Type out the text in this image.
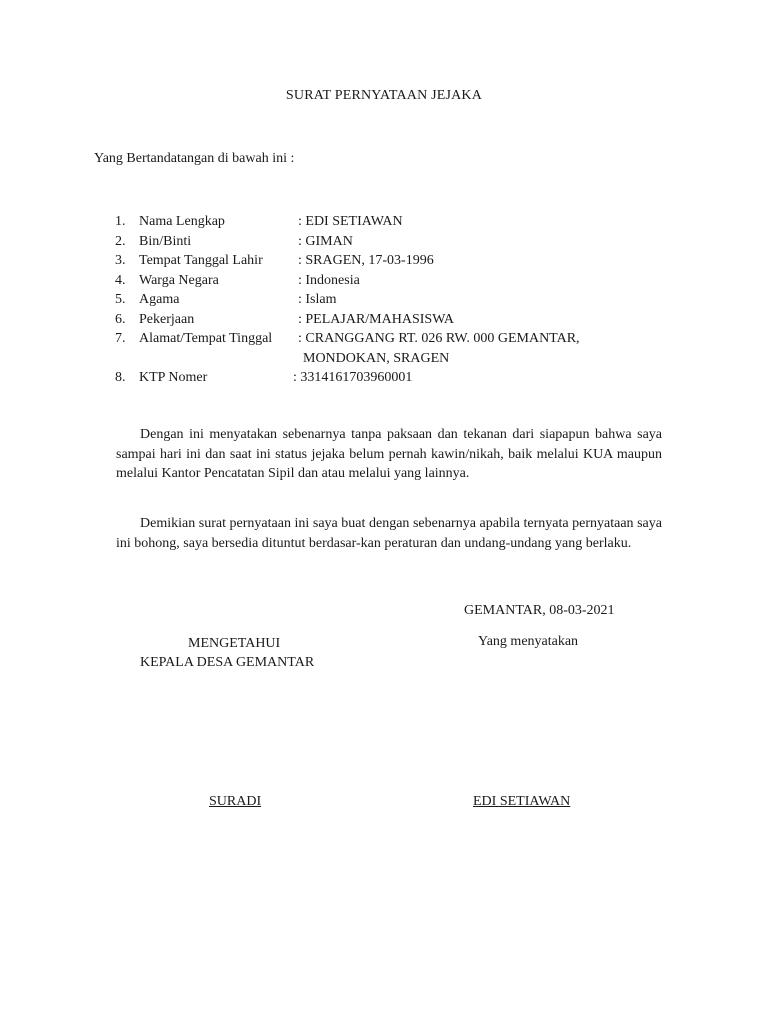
SURAT PERNYATAAN JEJAKA
Yang Bertandatangan di bawah ini :
1. Nama Lengkap	: EDI SETIAWAN
2. Bin/Binti	: GIMAN
3. Tempat Tanggal Lahir	: SRAGEN, 17-03-1996
4. Warga Negara	: Indonesia
5. Agama	: Islam
6. Pekerjaan	: PELAJAR/MAHASISWA
7. Alamat/Tempat Tinggal : CRANGGANG RT. 026 RW. 000 GEMANTAR,
MONDOKAN, SRAGEN
8. KTP Nomer	: 3314161703960001
Dengan ini menyatakan sebenarnya tanpa paksaan dan tekanan dari siapapun bahwa saya sampai hari ini dan saat ini status jejaka belum pernah kawin/nikah, baik melalui KUA maupun melalui Kantor Pencatatan Sipil dan atau melalui yang lainnya.
Demikian surat pernyataan ini saya buat dengan sebenarnya apabila ternyata pernyataan saya ini bohong, saya bersedia dituntut berdasar-kan peraturan dan undang-undang yang berlaku.
GEMANTAR, 08-03-2021
MENGETAHUI
KEPALA DESA GEMANTAR
Yang menyatakan
SURADI	EDI SETIAWAN
